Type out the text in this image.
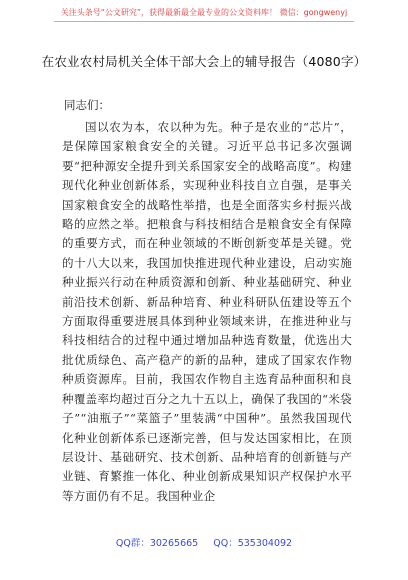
关注头条号“公文研究”，获得最新最全最专业的公文资料库！ 微信：gongwenyj
在农业农村局机关全体干部大会上的辅导报告（4080字）
同志们：

国以农为本，农以种为先。种子是农业的“芯片”，是保障国家粮食安全的关键。习近平总书记多次强调要“把种源安全提升到关系国家安全的战略高度”。构建现代化种业创新体系，实现种业科技自立自强，是事关国家粮食安全的战略性举措，也是全面落实乡村振兴战略的应然之举。把粮食与科技相结合是粮食安全有保障的重要方式，而在种业领域的不断创新变革是关键。党的十八大以来，我国加快推进现代种业建设，启动实施种业振兴行动在种质资源和创新、种业基础研究、种业前沿技术创新、新品种培育、种业科研队伍建设等五个方面取得重要进展具体到种业领域来讲，在推进种业与科技相结合的过程中通过增加品种选育数量，优选出大批优质绿色、高产稳产的新的品种，建成了国家农作物种质资源库。目前，我国农作物自主选育品种面积和良种覆盖率均超过百分之九十五以上，确保了我国的“米袋子”“油瓶子”“菜篮子”里装满“中国种”。虽然我国现代化种业创新体系已逐渐完善，但与发达国家相比，在顶层设计、基础研究、技术创新、品种培育的创新链与产业链、育繁推一体化、种业创新成果知识产权保护水平等方面仍有不足。我国种业企

QQ群：30265665 QQ：535304092
